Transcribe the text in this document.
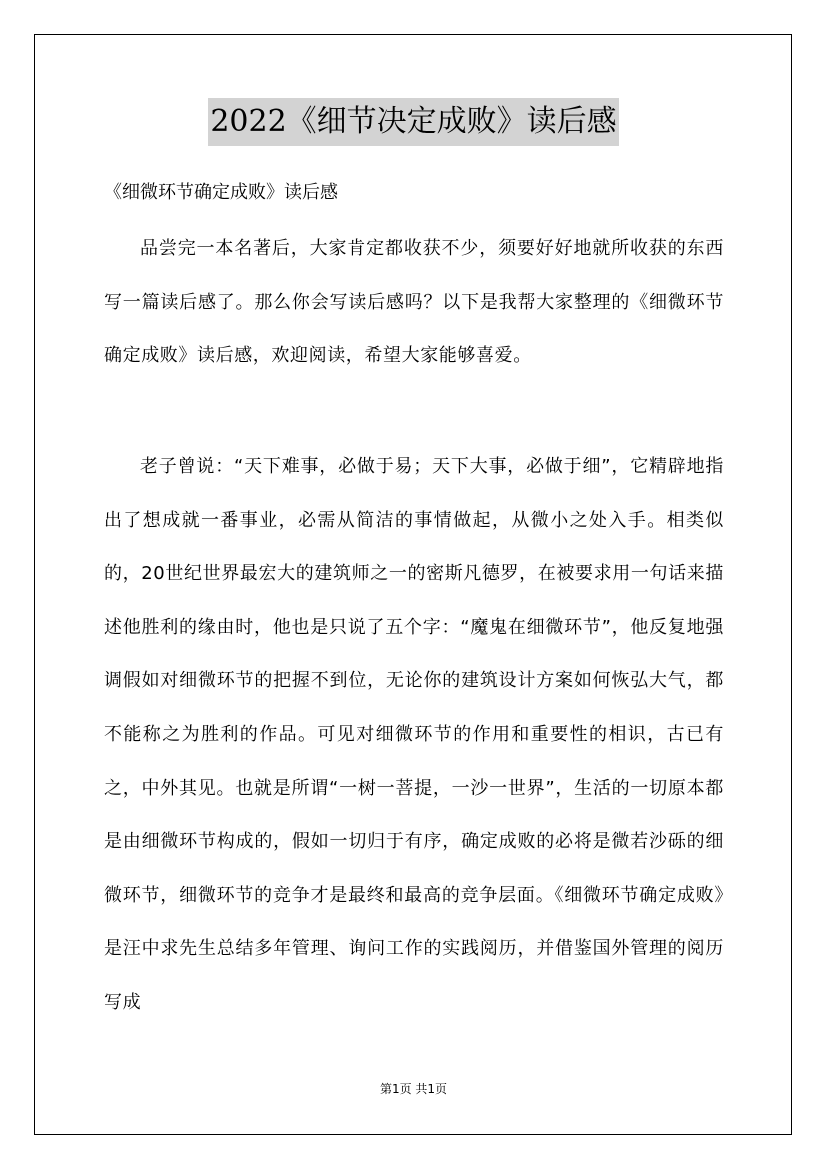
2022《细节决定成败》读后感
《细微环节确定成败》读后感

品尝完一本名著后，大家肯定都收获不少，须要好好地就所收获的东西写一篇读后感了。那么你会写读后感吗？以下是我帮大家整理的《细微环节确定成败》读后感，欢迎阅读，希望大家能够喜爱。

老子曾说：“天下难事，必做于易；天下大事，必做于细”，它精辟地指出了想成就一番事业，必需从简洁的事情做起，从微小之处入手。相类似的，20世纪世界最宏大的建筑师之一的密斯凡德罗，在被要求用一句话来描述他胜利的缘由时，他也是只说了五个字：“魔鬼在细微环节”，他反复地强调假如对细微环节的把握不到位，无论你的建筑设计方案如何恢弘大气，都不能称之为胜利的作品。可见对细微环节的作用和重要性的相识，古已有之，中外其见。也就是所谓“一树一菩提，一沙一世界”，生活的一切原本都是由细微环节构成的，假如一切归于有序，确定成败的必将是微若沙砾的细微环节，细微环节的竞争才是最终和最高的竞争层面。《细微环节确定成败》是汪中求先生总结多年管理、询问工作的实践阅历，并借鉴国外管理的阅历写成

第1页 共1页
